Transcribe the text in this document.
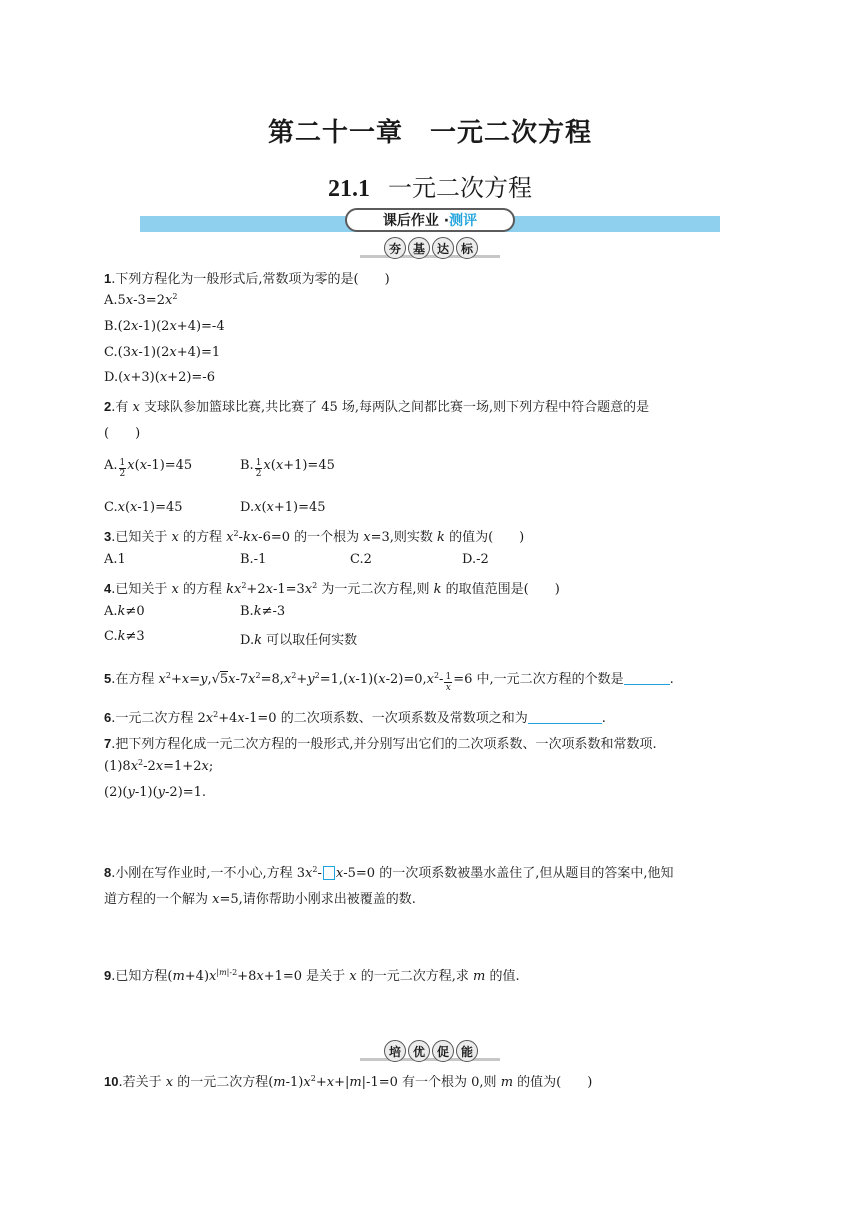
第二十一章　一元二次方程
21.1 一元二次方程
课后作业 · 测评
夯 基 达 标
1.下列方程化为一般形式后,常数项为零的是(　　)
$A.5x-3=2x^2$
B.(2x-1)(2x+4)=-4
C.(3x-1)(2x+4)=1
D.(x+3)(x+2)=-6
2.有 x 支球队参加篮球比赛,共比赛了 45 场,每两队之间都比赛一场,则下列方程中符合题意的是
(　　)
A. $\frac{1}{2} x(x-1)=45$	B. $\frac{1}{2} x(x+1)=45$
C.x(x-1)=45	D.x(x+1)=45
3.已知关于 x 的方程 $x^2-kx-6=0$ 的一个根为 x=3,则实数 k 的值为(　　)
A.1	B.-1	C.2	D.-2
4.已知关于 x 的方程 $kx^2+2x-1=3x^2$ 为一元二次方程,则 k 的取值范围是(　　)
A.k≠0	B.k≠-3
C.k≠3	D.k 可以取任何实数
5.在方程 $x^2+x=y,√5x-7x^2=8,x^2+y^2=1,(x-1)(x-2)=0,x^2- \frac{1}{x} =6$ 中,一元二次方程的个数是	.
6.一元二次方程 $2x^2+4x-1=0$ 的二次项系数、一次项系数及常数项之和为	.
7.把下列方程化成一元二次方程的一般形式,并分别写出它们的二次项系数、一次项系数和常数项.
$(1)8x^2-2x=1+2x$;
(2)(y-1)(y-2)=1.
8.小刚在写作业时,一不小心,方程 $3x^2-$ x-5=0 的一次项系数被墨水盖住了,但从题目的答案中,他知
道方程的一个解为 x=5,请你帮助小刚求出被覆盖的数.
9.已知方程$(m+4)x^{|m|-2}+8x+1=0$ 是关于 x 的一元二次方程,求 m 的值.
培 优 促 能
10.若关于 x 的一元二次方程$(m-1)x^2+x+|m|-1=0$ 有一个根为 0,则 m 的值为(　　)
